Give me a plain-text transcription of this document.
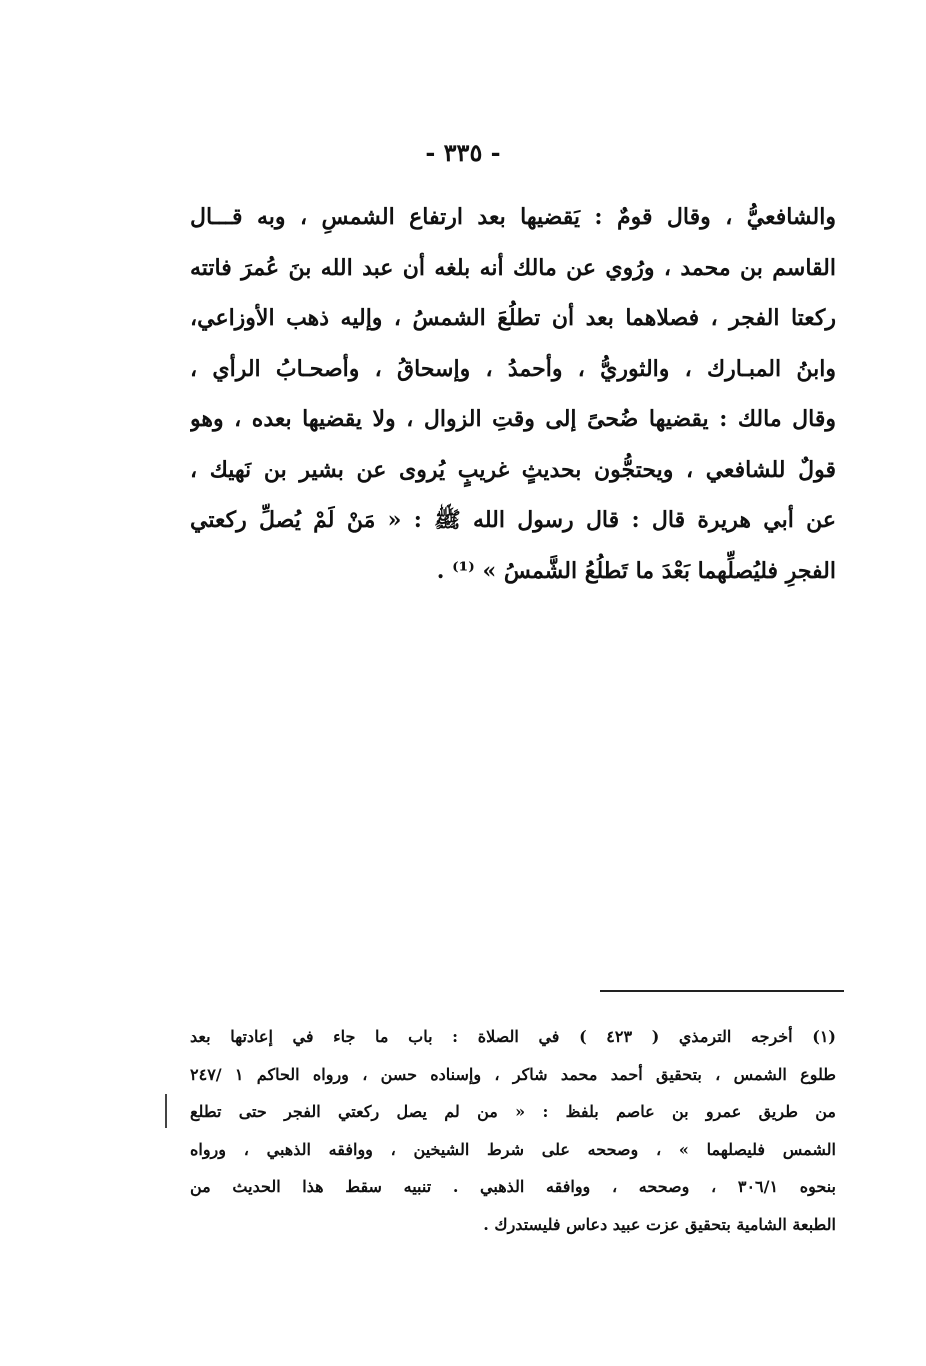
- ٣٣٥ -
والشافعيُّ ، وقال قومٌ : يَقضيها بعد ارتفاع الشمسِ ، وبه قـــال
القاسم بن محمد ، ورُوي عن مالك أنه بلغه أن عبد الله بنَ عُمرَ فاتته
ركعتا الفجر ، فصلاهما بعد أن تطلُعَ الشمسُ ، وإليه ذهب الأوزاعي،
وابنُ المبـارك ، والثوريُّ ، وأحمدُ ، وإسحاقُ ، وأصحـابُ الرأي ،
وقال مالك : يقضيها ضُحىً إلى وقتِ الزوال ، ولا يقضيها بعده ، وهو
قولٌ للشافعي ، ويحتجُّون بحديثٍ غريبٍ يُروى عن بشير بن نَهيك ،
عن أبي هريرة قال : قال رسول الله ﷺ : « مَنْ لَمْ يُصلِّ ركعتي
الفجرِ فليُصلِّهما بَعْدَ ما تَطلُعُ الشَّمسُ » ⁽¹⁾ .
(١) أخرجه الترمذي ( ٤٢٣ ) في الصلاة : باب ما جاء في إعادتها بعد
طلوع الشمس ، بتحقيق أحمد محمد شاكر ، وإسناده حسن ، ورواه الحاكم ١ /٢٤٧
من طريق عمرو بن عاصم بلفظ : « من لم يصل ركعتي الفجر حتى تطلع
الشمس فليصلهما » ، وصححه على شرط الشيخين ، ووافقه الذهبي ، ورواه
بنحوه ٣٠٦/١ ، وصححه ، ووافقه الذهبي . تنبيه سقط هذا الحديث من
الطبعة الشامية بتحقيق عزت عبيد دعاس فليستدرك .
